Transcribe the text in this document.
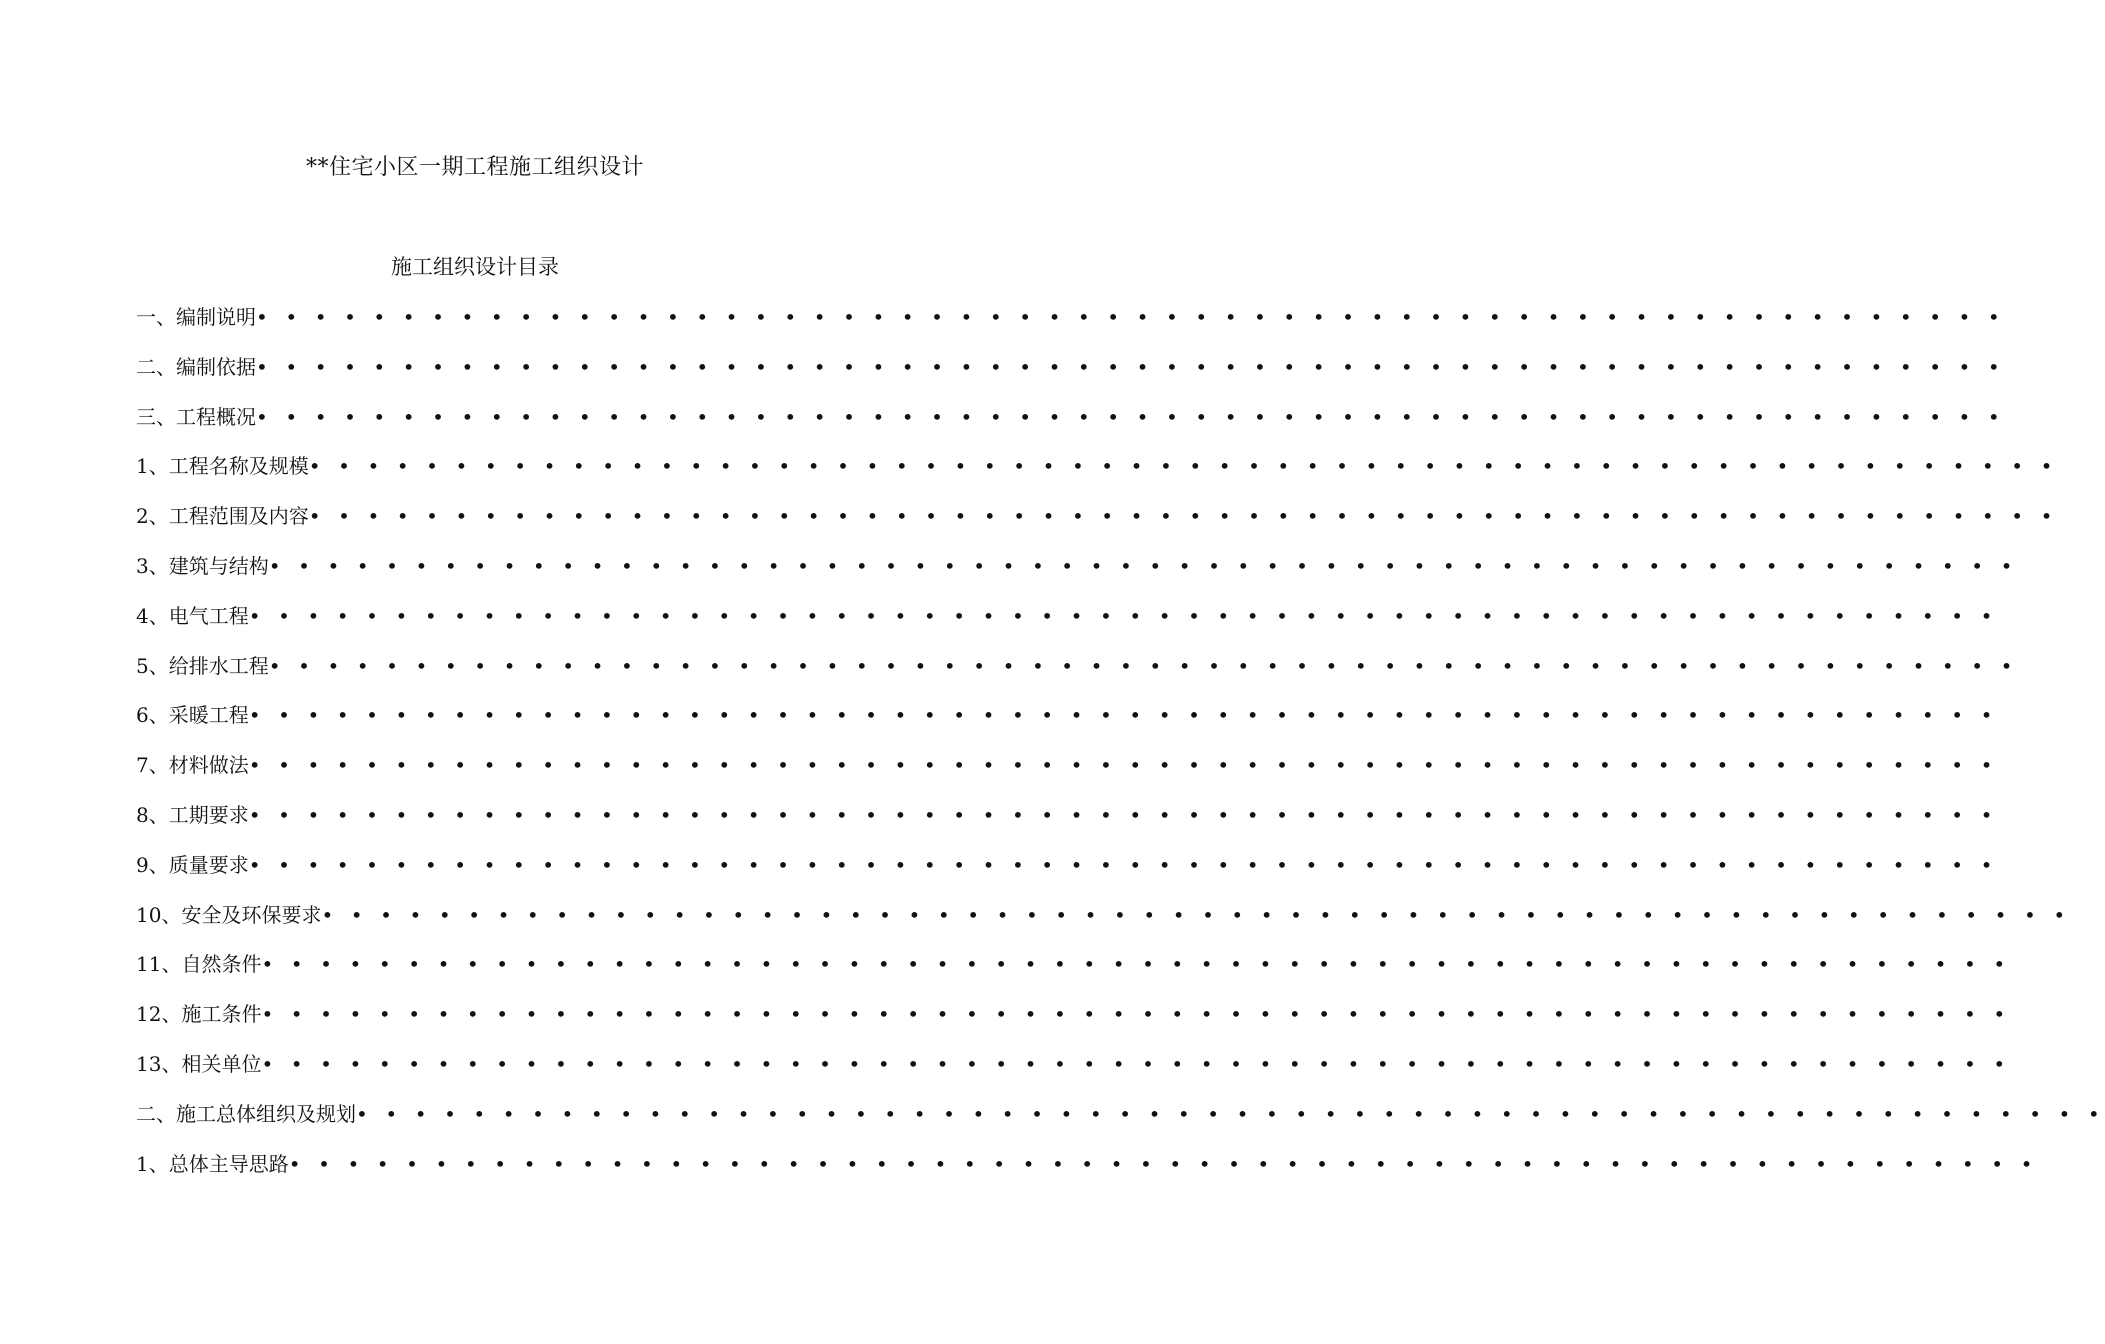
**住宅小区一期工程施工组织设计
施工组织设计目录
一、编制说明 • • • • • • • • • • • • • • • • • • • • • • • • • • • • • • • • • • • • • • • • • • • • • • • • • • • • • • • • • • • •
二、编制依据 • • • • • • • • • • • • • • • • • • • • • • • • • • • • • • • • • • • • • • • • • • • • • • • • • • • • • • • • • • • •
三、工程概况 • • • • • • • • • • • • • • • • • • • • • • • • • • • • • • • • • • • • • • • • • • • • • • • • • • • • • • • • • • • •
1、工程名称及规模 • • • • • • • • • • • • • • • • • • • • • • • • • • • • • • • • • • • • • • • • • • • • • • • • • • • • • • • • • • • •
2、工程范围及内容 • • • • • • • • • • • • • • • • • • • • • • • • • • • • • • • • • • • • • • • • • • • • • • • • • • • • • • • • • • • •
3、建筑与结构 • • • • • • • • • • • • • • • • • • • • • • • • • • • • • • • • • • • • • • • • • • • • • • • • • • • • • • • • • • • •
4、电气工程 • • • • • • • • • • • • • • • • • • • • • • • • • • • • • • • • • • • • • • • • • • • • • • • • • • • • • • • • • • • •
5、给排水工程 • • • • • • • • • • • • • • • • • • • • • • • • • • • • • • • • • • • • • • • • • • • • • • • • • • • • • • • • • • • •
6、采暖工程 • • • • • • • • • • • • • • • • • • • • • • • • • • • • • • • • • • • • • • • • • • • • • • • • • • • • • • • • • • • •
7、材料做法 • • • • • • • • • • • • • • • • • • • • • • • • • • • • • • • • • • • • • • • • • • • • • • • • • • • • • • • • • • • •
8、工期要求 • • • • • • • • • • • • • • • • • • • • • • • • • • • • • • • • • • • • • • • • • • • • • • • • • • • • • • • • • • • •
9、质量要求 • • • • • • • • • • • • • • • • • • • • • • • • • • • • • • • • • • • • • • • • • • • • • • • • • • • • • • • • • • • •
10、安全及环保要求 • • • • • • • • • • • • • • • • • • • • • • • • • • • • • • • • • • • • • • • • • • • • • • • • • • • • • • • • • • • •
11、自然条件 • • • • • • • • • • • • • • • • • • • • • • • • • • • • • • • • • • • • • • • • • • • • • • • • • • • • • • • • • • • •
12、施工条件 • • • • • • • • • • • • • • • • • • • • • • • • • • • • • • • • • • • • • • • • • • • • • • • • • • • • • • • • • • • •
13、相关单位 • • • • • • • • • • • • • • • • • • • • • • • • • • • • • • • • • • • • • • • • • • • • • • • • • • • • • • • • • • • •
二、施工总体组织及规划 • • • • • • • • • • • • • • • • • • • • • • • • • • • • • • • • • • • • • • • • • • • • • • • • • • • • • • • • • • • •
1、总体主导思路 • • • • • • • • • • • • • • • • • • • • • • • • • • • • • • • • • • • • • • • • • • • • • • • • • • • • • • • • • • • •
